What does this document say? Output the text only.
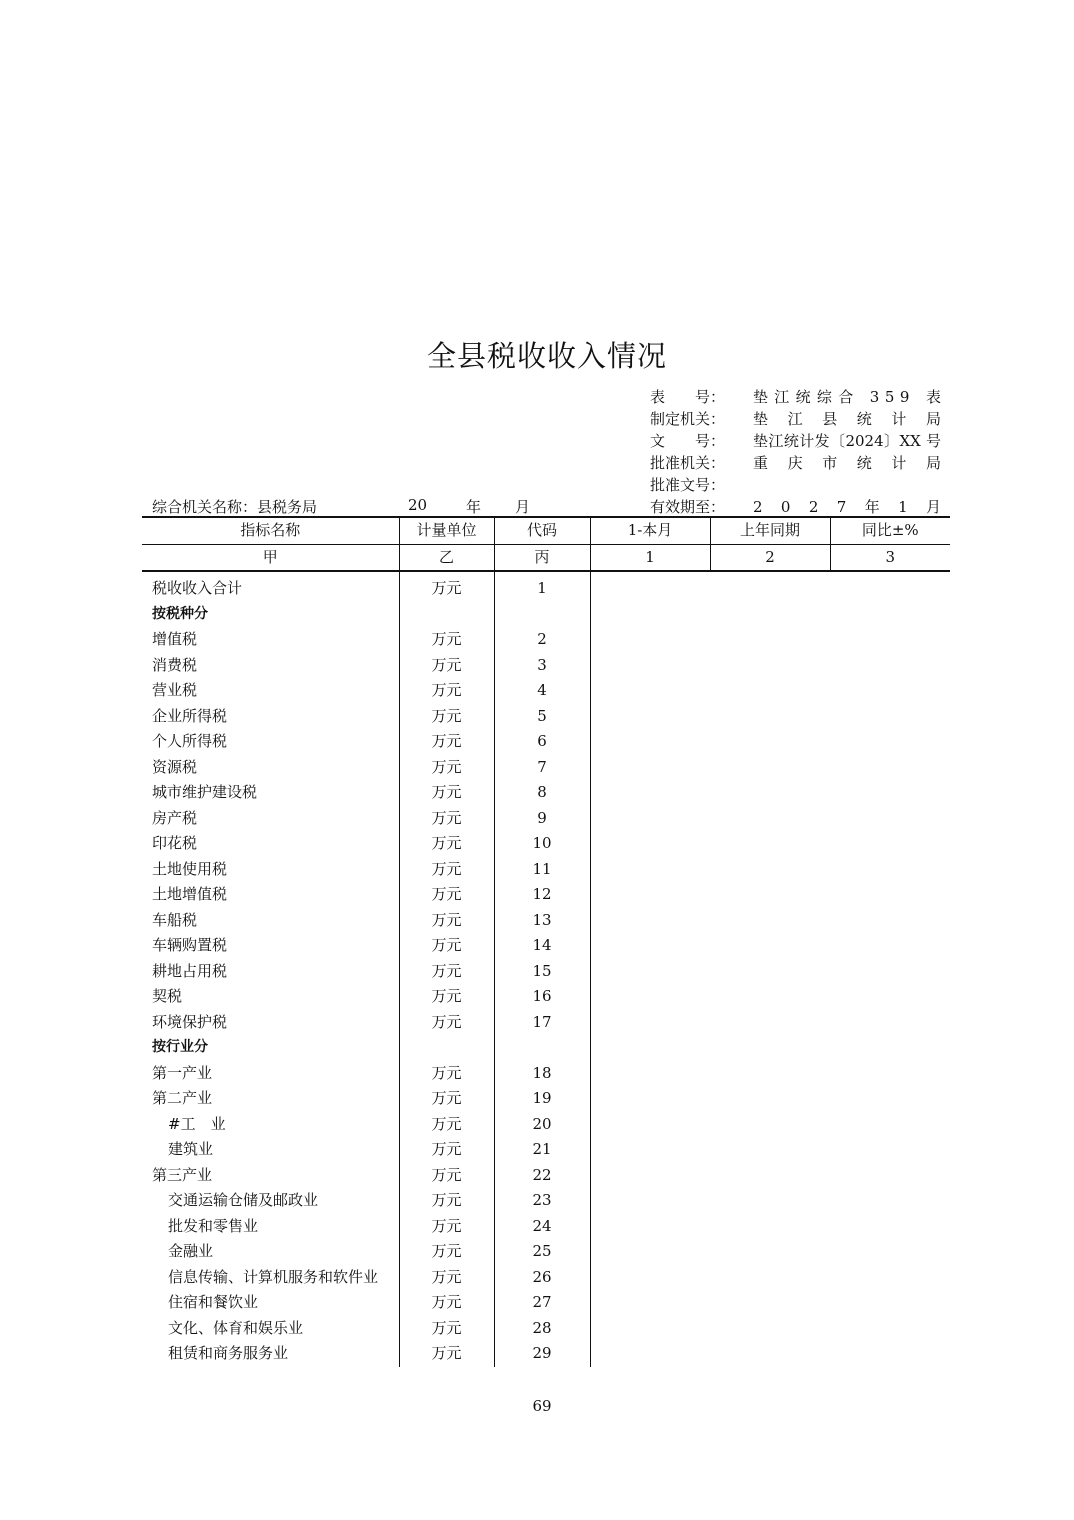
全县税收收入情况
表　　号：	垫 江 统 综 合　3 5 9　表
制定机关：	垫　江　县　统　计　局
文　　号：	垫江统计发〔2024〕XX 号
批准机关：	重　庆　市　统　计　局
批准文号：
有效期至：	2　0　2　7　年　1　月
综合机关名称：县税务局	20	年 月
指标名称	计量单位	代码	1-本月	上年同期	同比±%
甲	乙	丙	1	2	3
税收收入合计	万元	1			
按税种分					
增值税	万元	2			
消费税	万元	3			
营业税	万元	4			
企业所得税	万元	5			
个人所得税	万元	6			
资源税	万元	7			
城市维护建设税	万元	8			
房产税	万元	9			
印花税	万元	10			
土地使用税	万元	11			
土地增值税	万元	12			
车船税	万元	13			
车辆购置税	万元	14			
耕地占用税	万元	15			
契税	万元	16			
环境保护税	万元	17			
按行业分					
第一产业	万元	18			
第二产业	万元	19			
#工　业	万元	20			
建筑业	万元	21			
第三产业	万元	22			
交通运输仓储及邮政业	万元	23			
批发和零售业	万元	24			
金融业	万元	25			
信息传输、计算机服务和软件业	万元	26			
住宿和餐饮业	万元	27			
文化、体育和娱乐业	万元	28			
租赁和商务服务业	万元	29			
69
